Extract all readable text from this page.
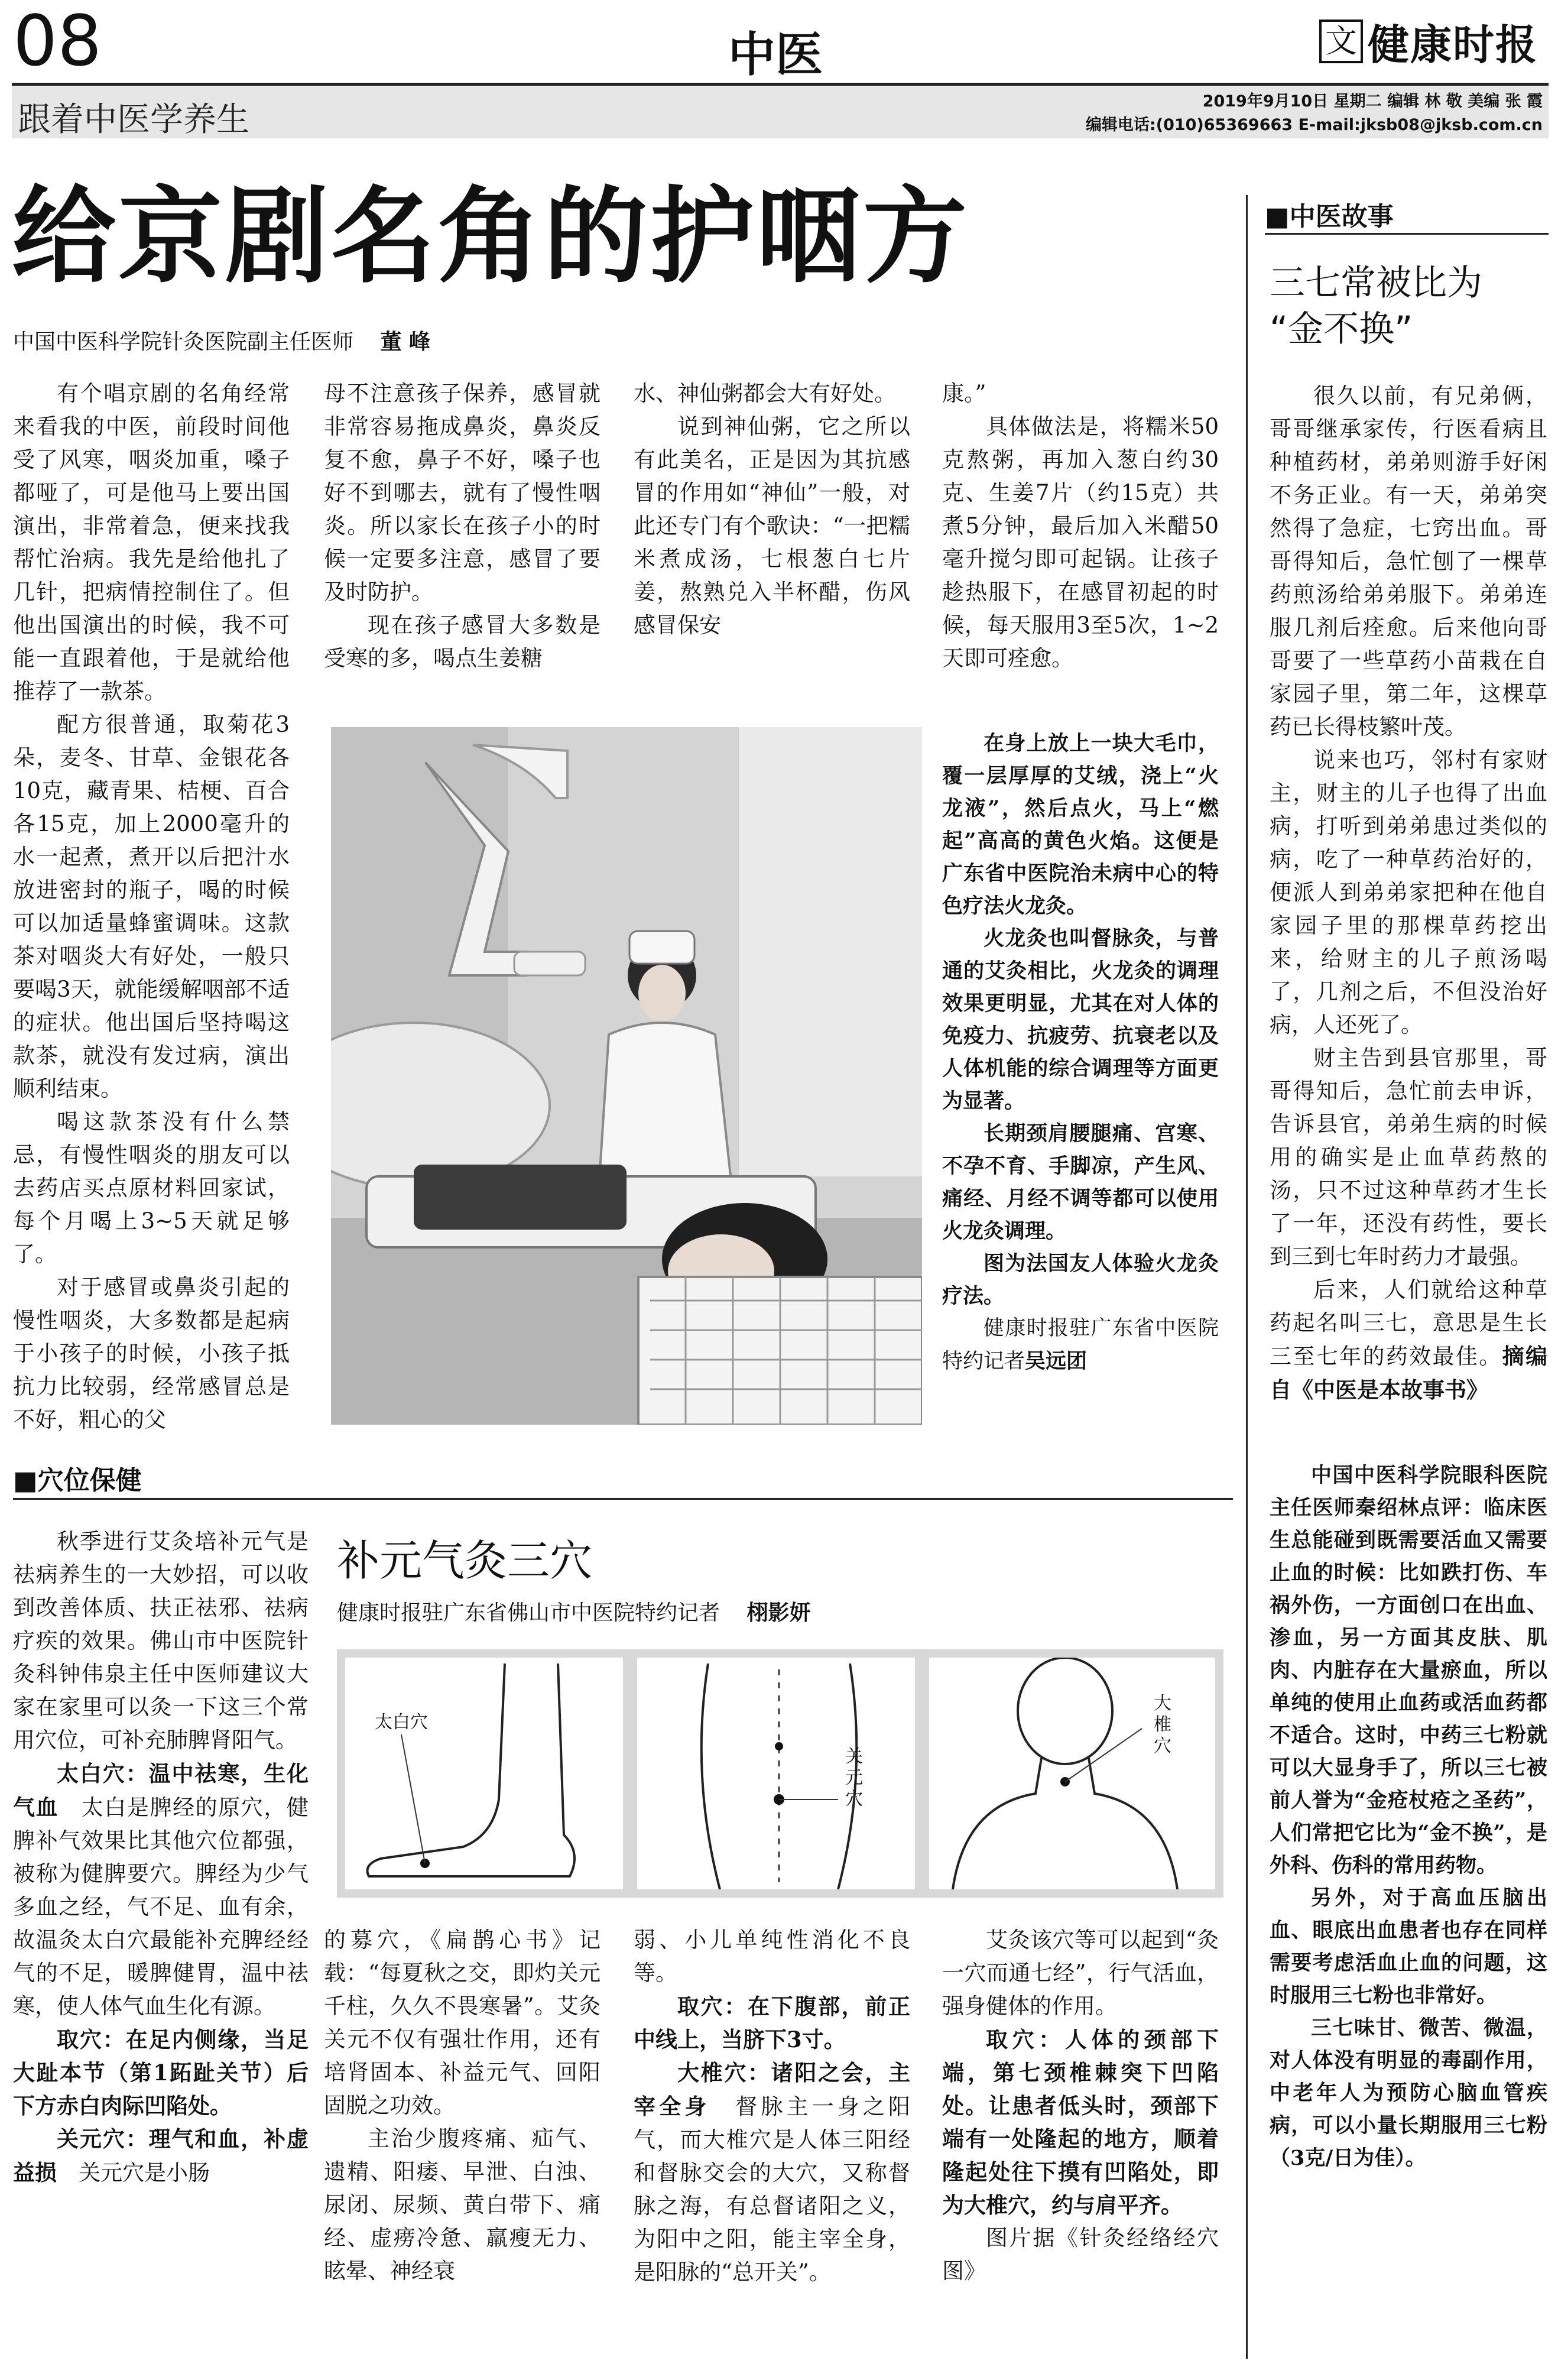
08	中医	文 健康时报
跟着中医学养生	2019年9月10日 星期二 编辑 林 敬 美编 张 霞
编辑电话:(010)65369663 E-mail:jksb08@jksb.com.cn
给京剧名角的护咽方
中国中医科学院针灸医院副主任医师 董 峰

有个唱京剧的名角经常来看我的中医，前段时间他受了风寒，咽炎加重，嗓子都哑了，可是他马上要出国演出，非常着急，便来找我帮忙治病。我先是给他扎了几针，把病情控制住了。但他出国演出的时候，我不可能一直跟着他，于是就给他推荐了一款茶。

配方很普通，取菊花3朵，麦冬、甘草、金银花各10克，藏青果、桔梗、百合各15克，加上2000毫升的水一起煮，煮开以后把汁水放进密封的瓶子，喝的时候可以加适量蜂蜜调味。这款茶对咽炎大有好处，一般只要喝3天，就能缓解咽部不适的症状。他出国后坚持喝这款茶，就没有发过病，演出顺利结束。

喝这款茶没有什么禁忌，有慢性咽炎的朋友可以去药店买点原材料回家试，每个月喝上3~5天就足够了。

对于感冒或鼻炎引起的慢性咽炎，大多数都是起病于小孩子的时候，小孩子抵抗力比较弱，经常感冒总是不好，粗心的父

母不注意孩子保养，感冒就非常容易拖成鼻炎，鼻炎反复不愈，鼻子不好，嗓子也好不到哪去，就有了慢性咽炎。所以家长在孩子小的时候一定要多注意，感冒了要及时防护。

现在孩子感冒大多数是受寒的多，喝点生姜糖

水、神仙粥都会大有好处。

说到神仙粥，它之所以有此美名，正是因为其抗感冒的作用如“神仙”一般，对此还专门有个歌诀：“一把糯米煮成汤，七根葱白七片姜，熬熟兑入半杯醋，伤风感冒保安

康。”

具体做法是，将糯米50克熬粥，再加入葱白约30克、生姜7片（约15克）共煮5分钟，最后加入米醋50毫升搅匀即可起锅。让孩子趁热服下，在感冒初起的时候，每天服用3至5次，1~2天即可痊愈。

在身上放上一块大毛巾，覆一层厚厚的艾绒，浇上“火龙液”，然后点火，马上“燃起”高高的黄色火焰。这便是广东省中医院治未病中心的特色疗法火龙灸。

火龙灸也叫督脉灸，与普通的艾灸相比，火龙灸的调理效果更明显，尤其在对人体的免疫力、抗疲劳、抗衰老以及人体机能的综合调理等方面更为显著。

长期颈肩腰腿痛、宫寒、不孕不育、手脚凉，产生风、痛经、月经不调等都可以使用火龙灸调理。

图为法国友人体验火龙灸疗法。

健康时报驻广东省中医院特约记者吴远团

■中医故事
三七常被比为
“金不换”

很久以前，有兄弟俩，哥哥继承家传，行医看病且种植药材，弟弟则游手好闲不务正业。有一天，弟弟突然得了急症，七窍出血。哥哥得知后，急忙刨了一棵草药煎汤给弟弟服下。弟弟连服几剂后痊愈。后来他向哥哥要了一些草药小苗栽在自家园子里，第二年，这棵草药已长得枝繁叶茂。

说来也巧，邻村有家财主，财主的儿子也得了出血病，打听到弟弟患过类似的病，吃了一种草药治好的，便派人到弟弟家把种在他自家园子里的那棵草药挖出来，给财主的儿子煎汤喝了，几剂之后，不但没治好病，人还死了。

财主告到县官那里，哥哥得知后，急忙前去申诉，告诉县官，弟弟生病的时候用的确实是止血草药熬的汤，只不过这种草药才生长了一年，还没有药性，要长到三到七年时药力才最强。

后来，人们就给这种草药起名叫三七，意思是生长三至七年的药效最佳。摘编自《中医是本故事书》

中国中医科学院眼科医院主任医师秦绍林点评：临床医生总能碰到既需要活血又需要止血的时候：比如跌打伤、车祸外伤，一方面创口在出血、渗血，另一方面其皮肤、肌肉、内脏存在大量瘀血，所以单纯的使用止血药或活血药都不适合。这时，中药三七粉就可以大显身手了，所以三七被前人誉为“金疮杖疮之圣药”，人们常把它比为“金不换”，是外科、伤科的常用药物。

另外，对于高血压脑出血、眼底出血患者也存在同样需要考虑活血止血的问题，这时服用三七粉也非常好。

三七味甘、微苦、微温，对人体没有明显的毒副作用，中老年人为预防心脑血管疾病，可以小量长期服用三七粉（3克/日为佳）。

■穴位保健
补元气灸三穴
健康时报驻广东省佛山市中医院特约记者 栩影妍
太白穴
关元穴
大椎穴

秋季进行艾灸培补元气是祛病养生的一大妙招，可以收到改善体质、扶正祛邪、祛病疗疾的效果。佛山市中医院针灸科钟伟泉主任中医师建议大家在家里可以灸一下这三个常用穴位，可补充肺脾肾阳气。

太白穴：温中祛寒，生化气血　 太白是脾经的原穴，健脾补气效果比其他穴位都强，被称为健脾要穴。脾经为少气多血之经，气不足、血有余，故温灸太白穴最能补充脾经经气的不足，暖脾健胃，温中祛寒，使人体气血生化有源。

取穴：在足内侧缘，当足大趾本节（第1跖趾关节）后下方赤白肉际凹陷处。

关元穴：理气和血，补虚益损　 关元穴是小肠

的募穴，《扁鹊心书》记载：“每夏秋之交，即灼关元千柱，久久不畏寒暑”。艾灸关元不仅有强壮作用，还有培肾固本、补益元气、回阳固脱之功效。

主治少腹疼痛、疝气、遗精、阳痿、早泄、白浊、尿闭、尿频、黄白带下、痛经、虚痨冷惫、羸瘦无力、眩晕、神经衰

弱、小儿单纯性消化不良等。

取穴：在下腹部，前正中线上，当脐下3寸。

大椎穴：诸阳之会，主宰全身　 督脉主一身之阳气，而大椎穴是人体三阳经和督脉交会的大穴，又称督脉之海，有总督诸阳之义，为阳中之阳，能主宰全身，是阳脉的“总开关”。

艾灸该穴等可以起到“灸一穴而通七经”，行气活血，强身健体的作用。

取穴：人体的颈部下端，第七颈椎棘突下凹陷处。让患者低头时，颈部下端有一处隆起的地方，顺着隆起处往下摸有凹陷处，即为大椎穴，约与肩平齐。

图片据《针灸经络经穴图》
